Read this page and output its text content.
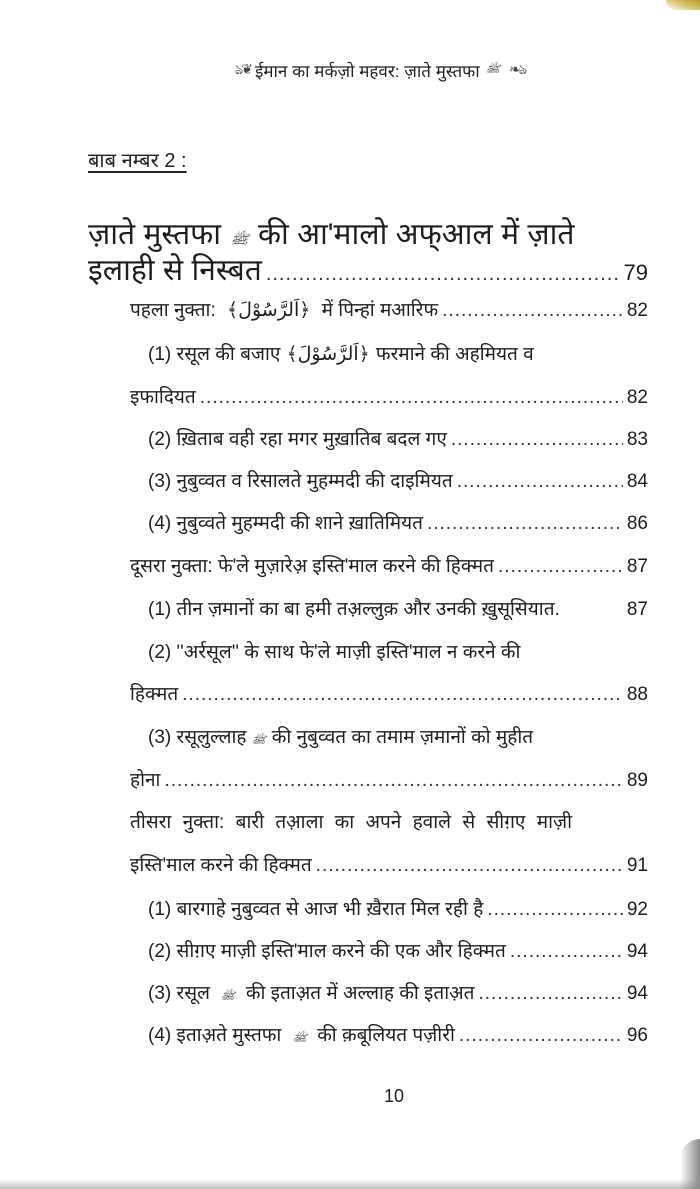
ঌ❦ ईमान का मर्कज़ो महवर: ज़ाते मुस्तफा ﷺ ❧ঌ
बाब नम्बर 2 :
ज़ाते मुस्तफा ﷺ की आ'मालो अफ्आल में ज़ाते
इलाही से निस्बत .....	79
पहला नुक्ता: ﴿اَلرَّسُوْلَ﴾ में पिन्हां मआरिफ .....	82
(1) रसूल की बजाए ﴿اَلرَّسُوْلَ﴾ फरमाने की अहमियत व
इफादियत .....	82
(2) ख़िताब वही रहा मगर मुख़ातिब बदल गए .....	83
(3) नुबुव्वत व रिसालते मुहम्मदी की दाइमियत .....	84
(4) नुबुव्वते मुहम्मदी की शाने ख़ातिमियत .....	86
दूसरा नुक्ता: फे'ले मुज़ारेअ़ इस्ति'माल करने की हिक्मत .....	87
(1) तीन ज़मानों का बा हमी तअ़ल्लुक़ और उनकी ख़ुसूसियात.	87
(2) ''अर्रसूल'' के साथ फे'ले माज़ी इस्ति'माल न करने की
हिक्मत .....	88
(3) रसूलुल्लाह ﷺ की नुबुव्वत का तमाम ज़मानों को मुहीत
होना .....	89
तीसरा नुक्ता: बारी तआ़ला का अपने हवाले से सीग़ए माज़ी
इस्ति'माल करने की हिक्मत .....	91
(1) बारगाहे नुबुव्वत से आज भी ख़ैरात मिल रही है .....	92
(2) सीग़ए माज़ी इस्ति'माल करने की एक और हिक्मत .....	94
(3) रसूल ﷺ की इताअ़त में अल्लाह की इताअ़त .....	94
(4) इताअ़ते मुस्तफा ﷺ की क़बूलियत पज़ीरी .....	96
10
